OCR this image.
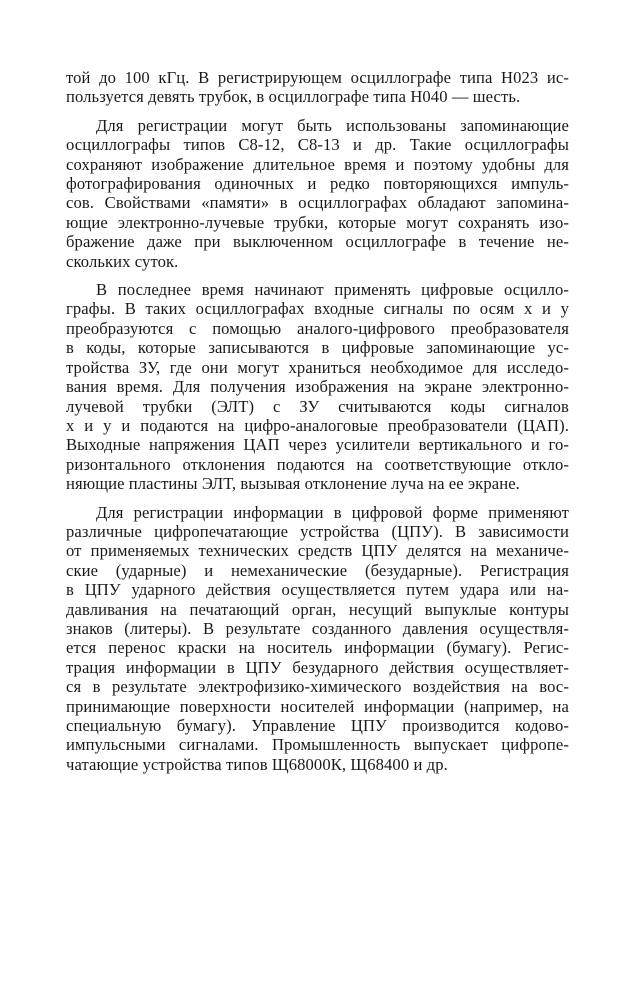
той до 100 кГц. В регистрирующем осциллографе типа Н023 ис-
пользуется девять трубок, в осциллографе типа Н040 — шесть.

Для регистрации могут быть использованы запоминающие
осциллографы типов С8-12, С8-13 и др. Такие осциллографы
сохраняют изображение длительное время и поэтому удобны для
фотографирования одиночных и редко повторяющихся импуль-
сов. Свойствами «памяти» в осциллографах обладают запомина-
ющие электронно-лучевые трубки, которые могут сохранять изо-
бражение даже при выключенном осциллографе в течение не-
скольких суток.

В последнее время начинают применять цифровые осцилло-
графы. В таких осциллографах входные сигналы по осям x и y
преобразуются с помощью аналого-цифрового преобразователя
в коды, которые записываются в цифровые запоминающие ус-
тройства ЗУ, где они могут храниться необходимое для исследо-
вания время. Для получения изображения на экране электронно-
лучевой трубки (ЭЛТ) с ЗУ считываются коды сигналов
x и y и подаются на цифро-аналоговые преобразователи (ЦАП).
Выходные напряжения ЦАП через усилители вертикального и го-
ризонтального отклонения подаются на соответствующие откло-
няющие пластины ЭЛТ, вызывая отклонение луча на ее экране.

Для регистрации информации в цифровой форме применяют
различные цифропечатающие устройства (ЦПУ). В зависимости
от применяемых технических средств ЦПУ делятся на механиче-
ские (ударные) и немеханические (безударные). Регистрация
в ЦПУ ударного действия осуществляется путем удара или на-
давливания на печатающий орган, несущий выпуклые контуры
знаков (литеры). В результате созданного давления осуществля-
ется перенос краски на носитель информации (бумагу). Регис-
трация информации в ЦПУ безударного действия осуществляет-
ся в результате электрофизико-химического воздействия на вос-
принимающие поверхности носителей информации (например, на
специальную бумагу). Управление ЦПУ производится кодово-
импульсными сигналами. Промышленность выпускает цифропе-
чатающие устройства типов Щ68000К, Щ68400 и др.
